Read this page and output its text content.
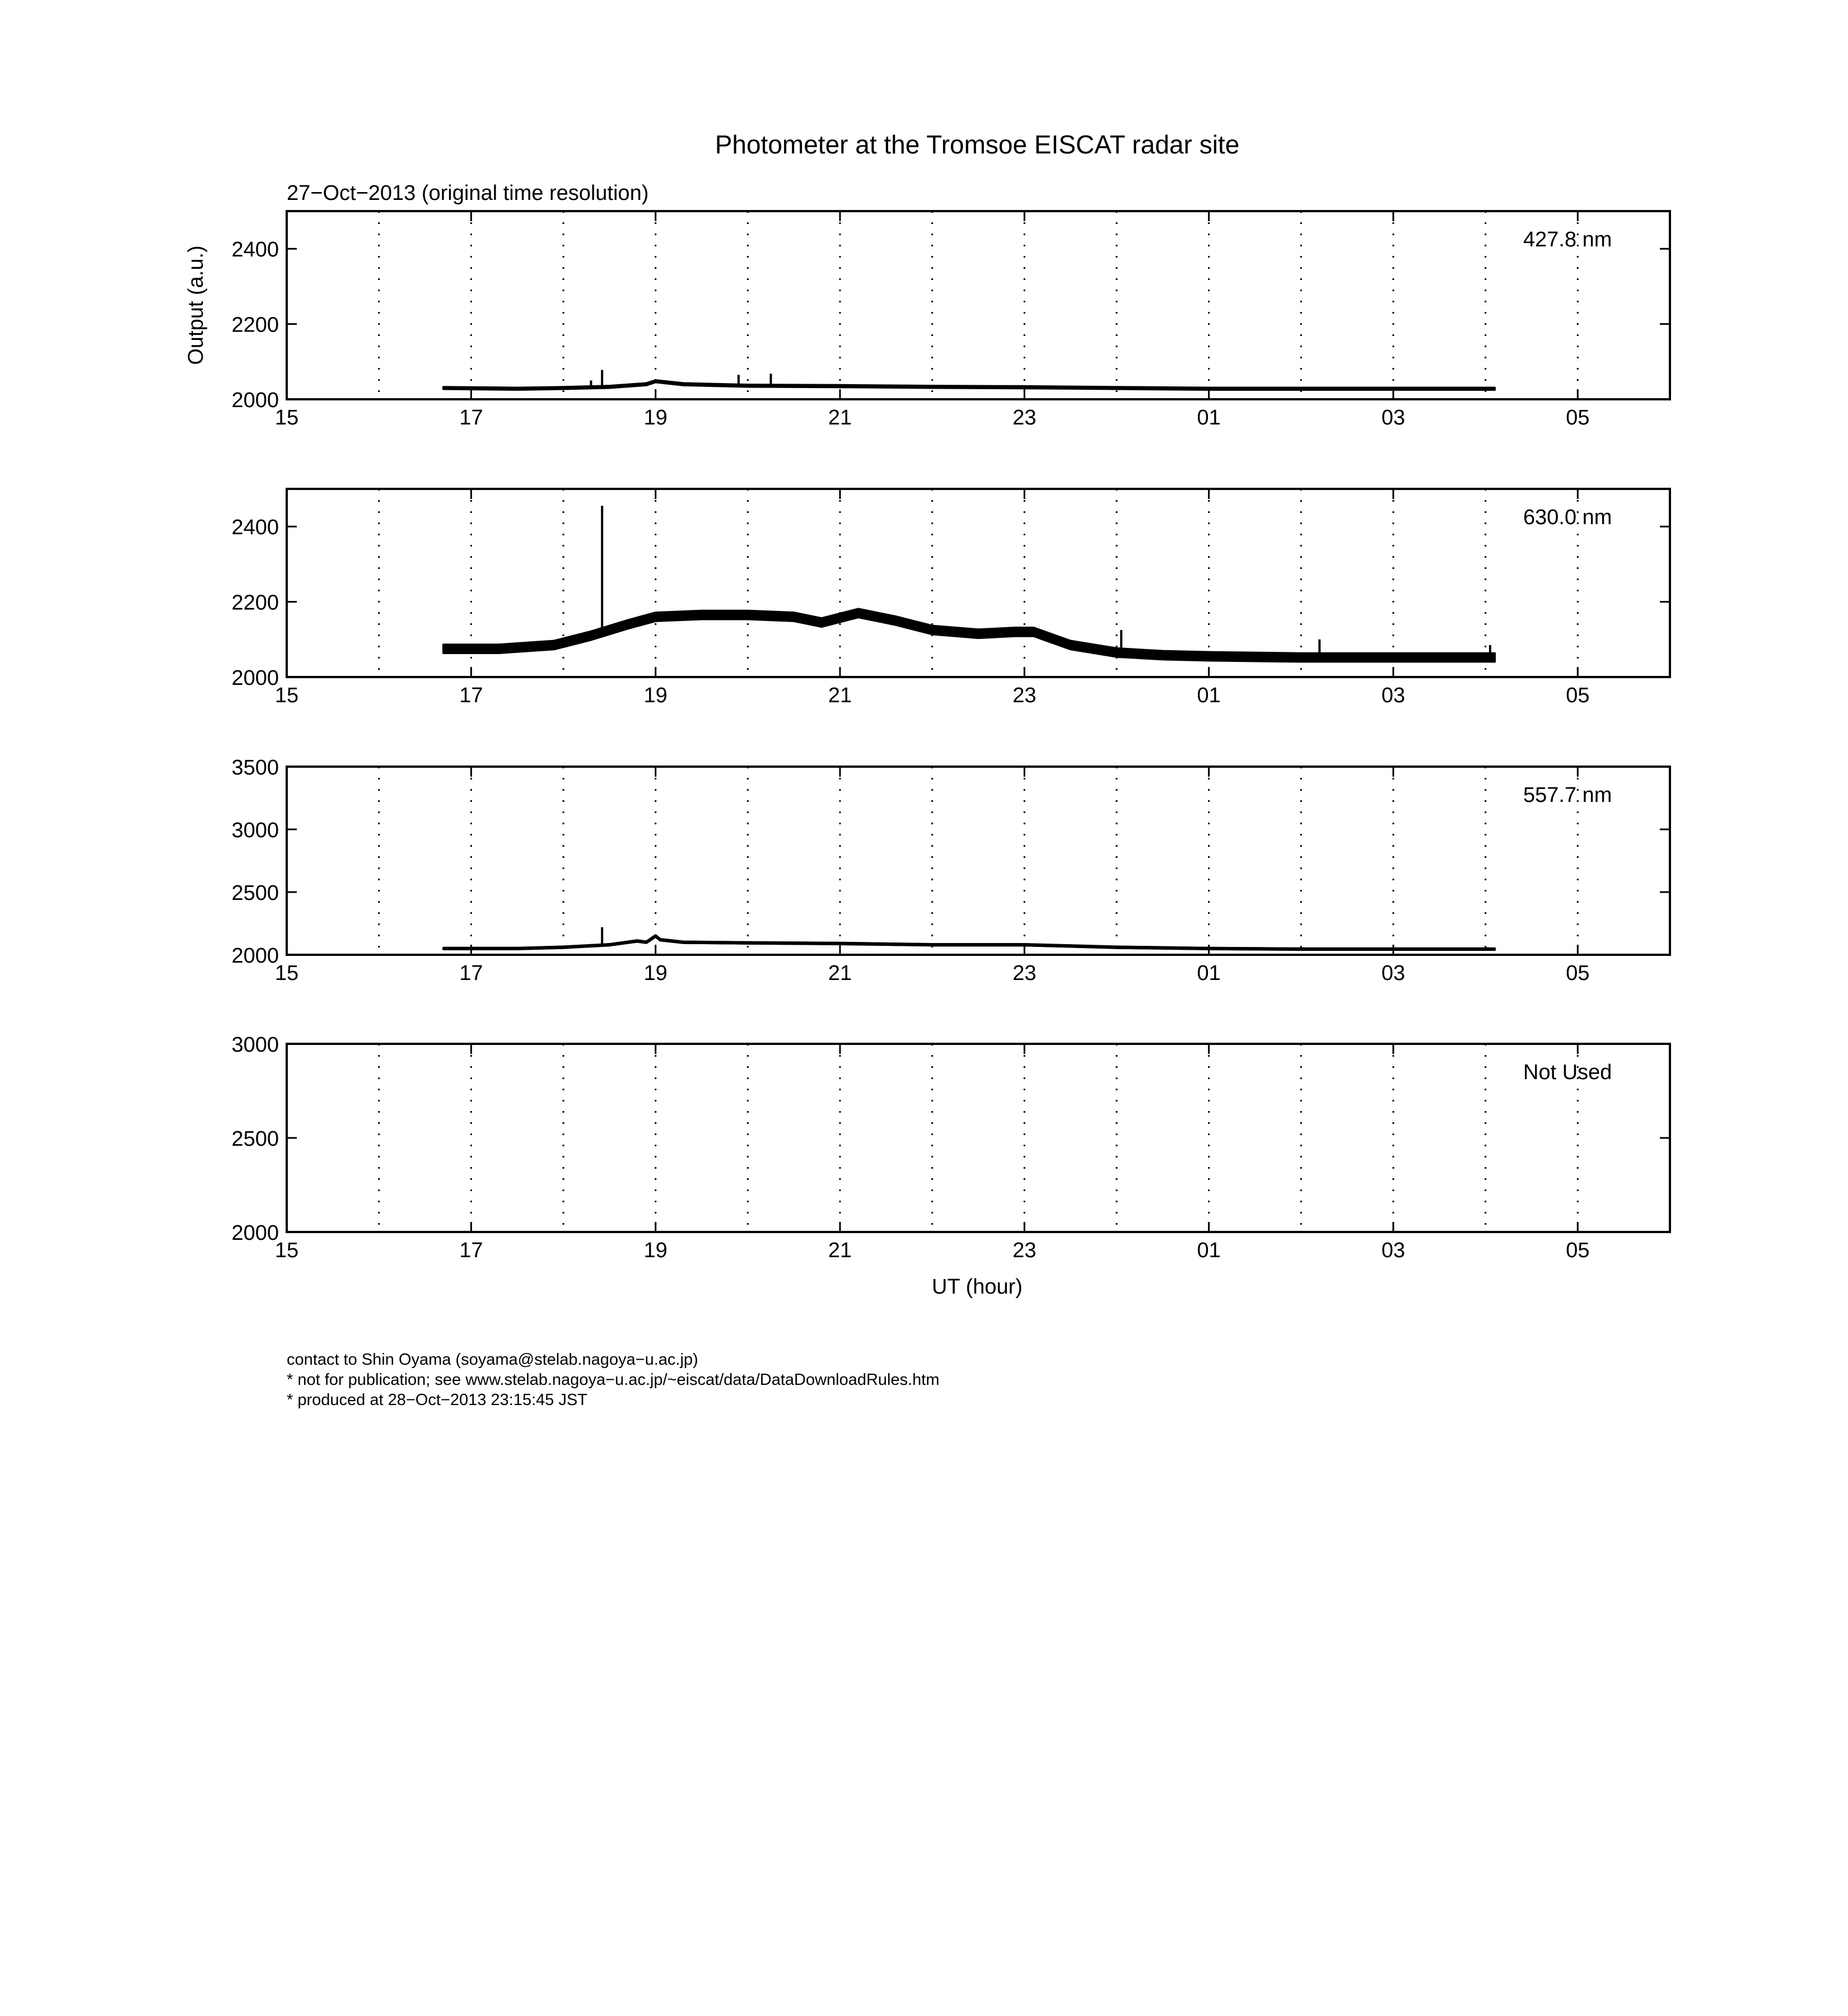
Photometer at the Tromsoe EISCAT radar site
27−Oct−2013 (original time resolution)
Output (a.u.)
UT (hour)
15	17	19	21	23	01	03	05
2000
2200
2400	427.8 nm
15	17	19	21	23	01	03	05
2000
2200
2400	630.0 nm
15	17	19	21	23	01	03	05
2000
2500
3000
3500
557.7 nm
15	17	19	21	23	01	03	05
2000
2500
3000
Not Used
contact to Shin Oyama (soyama@stelab.nagoya−u.ac.jp)
* not for publication; see www.stelab.nagoya−u.ac.jp/~eiscat/data/DataDownloadRules.htm
* produced at 28−Oct−2013 23:15:45 JST
